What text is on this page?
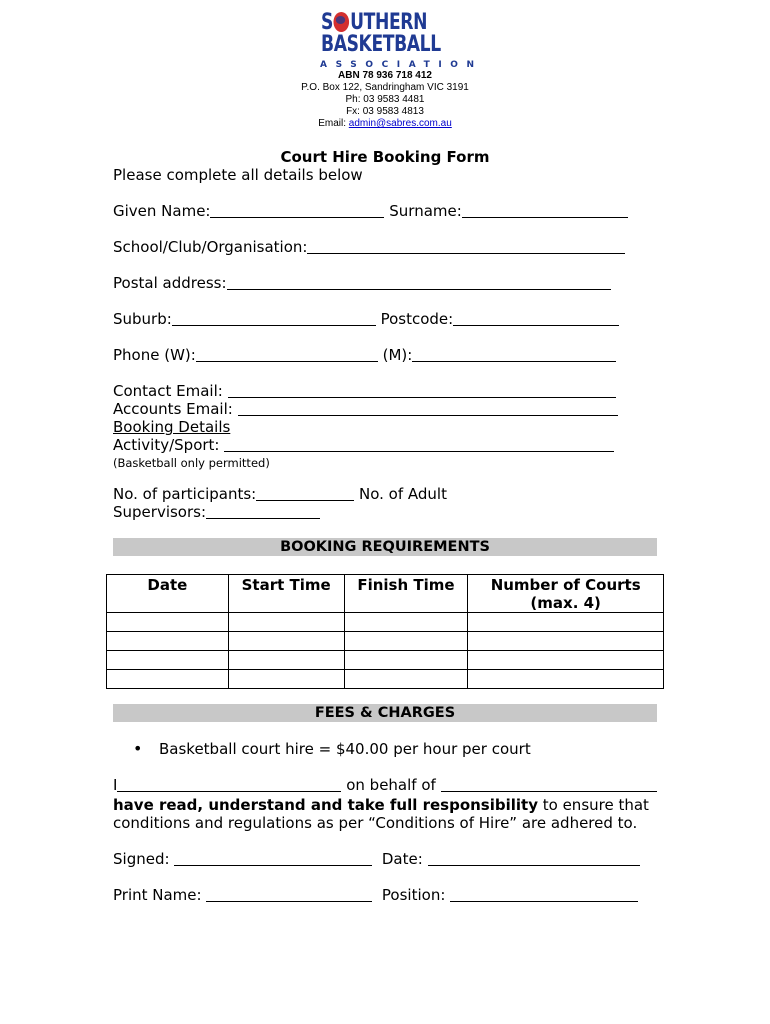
S UTHERN
BASKETBALL
ASSOCIATION
ABN 78 936 718 412
P.O. Box 122, Sandringham VIC 3191
Ph: 03 9583 4481
Fx: 03 9583 4813
Email: admin@sabres.com.au
Court Hire Booking Form
Please complete all details below
Given Name:	Surname:
School/Club/Organisation:
Postal address:
Suburb:	Postcode:
Phone (W):	(M):
Contact Email:
Accounts Email:
Booking Details
Activity/Sport:
(Basketball only permitted)
No. of participants:	No. of Adult
Supervisors:
BOOKING REQUIREMENTS
Date	Start Time	Finish Time	Number of Courts
(max. 4)

FEES & CHARGES
• Basketball court hire = $40.00 per hour per court
I	on behalf of
have read, understand and take full responsibility to ensure that
conditions and regulations as per “Conditions of Hire” are adhered to.
Signed:	Date:
Print Name:	Position:
